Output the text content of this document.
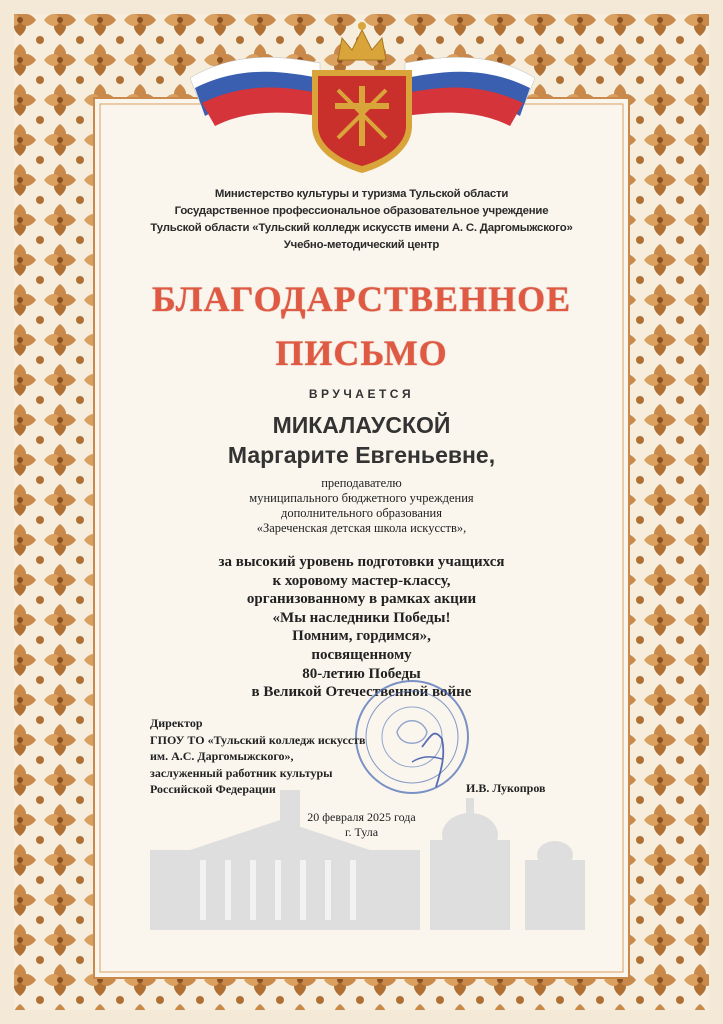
Министерство культуры и туризма Тульской области
Государственное профессиональное образовательное учреждение
Тульской области «Тульский колледж искусств имени А. С. Даргомыжского»
Учебно-методический центр
БЛАГОДАРСТВЕННОЕ
ПИСЬМО
ВРУЧАЕТСЯ
МИКАЛАУСКОЙ
Маргарите Евгеньевне,
преподавателю
муниципального бюджетного учреждения
дополнительного образования
«Зареченская детская школа искусств»,
за высокий уровень подготовки учащихся
к хоровому мастер-классу,
организованному в рамках акции
«Мы наследники Победы!
Помним, гордимся»,
посвященному
80-летию Победы
в Великой Отечественной войне
Директор
ГПОУ ТО «Тульский колледж искусств
им. А.С. Даргомыжского»,
заслуженный работник культуры
Российской Федерации	И.В. Лукопров
20 февраля 2025 года
г. Тула
